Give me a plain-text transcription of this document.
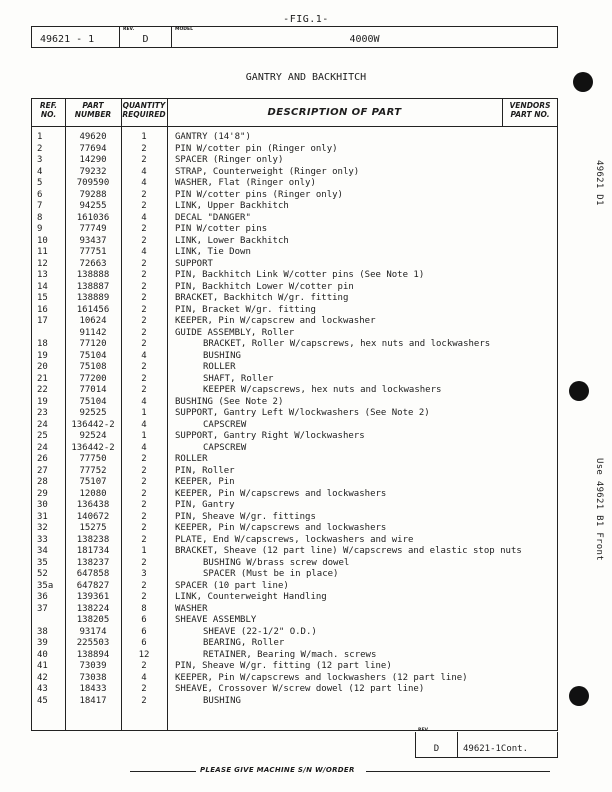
-FIG.1-
49621 - 1
REV.
D
MODEL
4000W
GANTRY AND BACKHITCH
49621 D1
Use 49621 B1 Front
REF.
NO.
PART
NUMBER
QUANTITY
REQUIRED	DESCRIPTION OF PART
VENDORS
PART NO.
1	49620	1	GANTRY (14'8")
2	77694	2	PIN W/cotter pin (Ringer only)
3	14290	2	SPACER (Ringer only)
4	79232	4	STRAP, Counterweight (Ringer only)
5	709590	4	WASHER, Flat (Ringer only)
6	79288	2	PIN W/cotter pins (Ringer only)
7	94255	2	LINK, Upper Backhitch
8	161036	4	DECAL "DANGER"
9	77749	2	PIN W/cotter pins
10	93437	2	LINK, Lower Backhitch
11	77751	4	LINK, Tie Down
12	72663	2	SUPPORT
13	138888	2	PIN, Backhitch Link W/cotter pins (See Note 1)
14	138887	2	PIN, Backhitch Lower W/cotter pin
15	138889	2	BRACKET, Backhitch W/gr. fitting
16	161456	2	PIN, Bracket W/gr. fitting
17	10624	2	KEEPER, Pin W/capscrew and lockwasher
91142	2	GUIDE ASSEMBLY, Roller
18	77120	2	BRACKET, Roller W/capscrews, hex nuts and lockwashers
19	75104	4	BUSHING
20	75108	2	ROLLER
21	77200	2	SHAFT, Roller
22	77014	2	KEEPER W/capscrews, hex nuts and lockwashers
19	75104	4	BUSHING (See Note 2)
23	92525	1	SUPPORT, Gantry Left W/lockwashers (See Note 2)
24	136442-2	4	CAPSCREW
25	92524	1	SUPPORT, Gantry Right W/lockwashers
24	136442-2	4	CAPSCREW
26	77750	2	ROLLER
27	77752	2	PIN, Roller
28	75107	2	KEEPER, Pin
29	12080	2	KEEPER, Pin W/capscrews and lockwashers
30	136438	2	PIN, Gantry
31	140672	2	PIN, Sheave W/gr. fittings
32	15275	2	KEEPER, Pin W/capscrews and lockwashers
33	138238	2	PLATE, End W/capscrews, lockwashers and wire
34	181734	1	BRACKET, Sheave (12 part line) W/capscrews and elastic stop nuts
35	138237	2	BUSHING W/brass screw dowel
52	647858	3	SPACER (Must be in place)
35a	647827	2	SPACER (10 part line)
36	139361	2	LINK, Counterweight Handling
37	138224	8	WASHER
138205	6	SHEAVE ASSEMBLY
38	93174	6	SHEAVE (22-1/2" O.D.)
39	225503	6	BEARING, Roller
40	138894	12	RETAINER, Bearing W/mach. screws
41	73039	2	PIN, Sheave W/gr. fitting (12 part line)
42	73038	4	KEEPER, Pin W/capscrews and lockwashers (12 part line)
43	18433	2	SHEAVE, Crossover W/screw dowel (12 part line)
45	18417	2	BUSHING
REV.
D	49621-1Cont.
PLEASE GIVE MACHINE S/N W/ORDER
